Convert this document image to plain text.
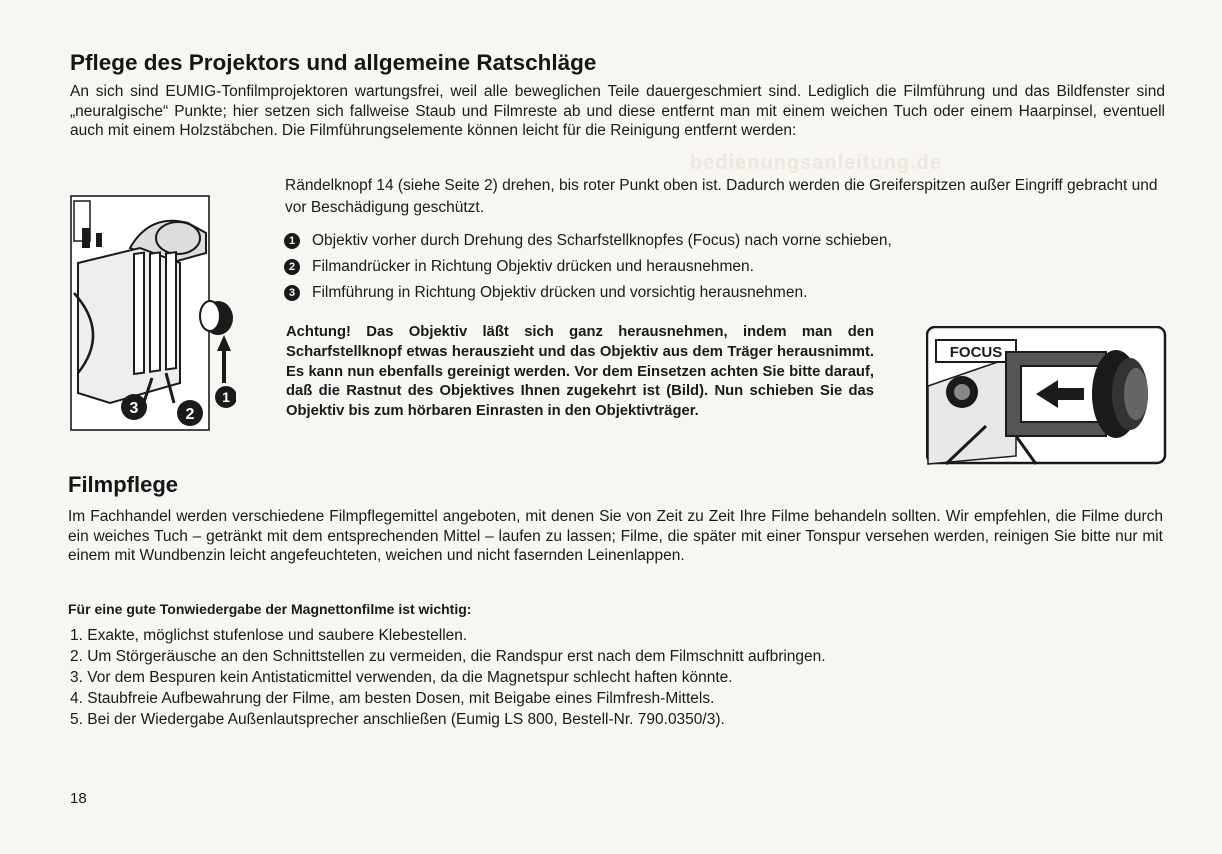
bedienungsanleitung.de
Pflege des Projektors und allgemeine Ratschläge
An sich sind EUMIG-Tonfilmprojektoren wartungsfrei, weil alle beweglichen Teile dauergeschmiert sind. Lediglich die Filmführung und das Bildfenster sind „neuralgische“ Punkte; hier setzen sich fallweise Staub und Filmreste ab und diese entfernt man mit einem weichen Tuch oder einem Haarpinsel, eventuell auch mit einem Holzstäbchen. Die Filmführungselemente können leicht für die Reinigung entfernt werden:
3	2
1
Rändelknopf 14 (siehe Seite 2) drehen, bis roter Punkt oben ist. Dadurch werden die Greiferspitzen außer Eingriff gebracht und vor Beschädigung geschützt.
1	Objektiv vorher durch Drehung des Scharfstellknopfes (Focus) nach vorne schieben,
2	Filmandrücker in Richtung Objektiv drücken und herausnehmen.
3	Filmführung in Richtung Objektiv drücken und vorsichtig herausnehmen.
Achtung! Das Objektiv läßt sich ganz herausnehmen, indem man den Scharfstellknopf etwas herauszieht und das Objektiv aus dem Träger herausnimmt. Es kann nun ebenfalls gereinigt werden. Vor dem Einsetzen achten Sie bitte darauf, daß die Rastnut des Objektives Ihnen zugekehrt ist (Bild). Nun schieben Sie das Objektiv bis zum hörbaren Einrasten in den Objektivträger.
FOCUS
Filmpflege
Im Fachhandel werden verschiedene Filmpflegemittel angeboten, mit denen Sie von Zeit zu Zeit Ihre Filme behandeln sollten. Wir empfehlen, die Filme durch ein weiches Tuch – getränkt mit dem entsprechenden Mittel – laufen zu lassen; Filme, die später mit einer Tonspur versehen werden, reinigen Sie bitte nur mit einem mit Wundbenzin leicht angefeuchteten, weichen und nicht fasernden Leinenlappen.
Für eine gute Tonwiedergabe der Magnettonfilme ist wichtig:
1. Exakte, möglichst stufenlose und saubere Klebestellen.
2. Um Störgeräusche an den Schnittstellen zu vermeiden, die Randspur erst nach dem Filmschnitt aufbringen.
3. Vor dem Bespuren kein Antistaticmittel verwenden, da die Magnetspur schlecht haften könnte.
4. Staubfreie Aufbewahrung der Filme, am besten Dosen, mit Beigabe eines Filmfresh-Mittels.
5. Bei der Wiedergabe Außenlautsprecher anschließen (Eumig LS 800, Bestell-Nr. 790.0350/3).
18
